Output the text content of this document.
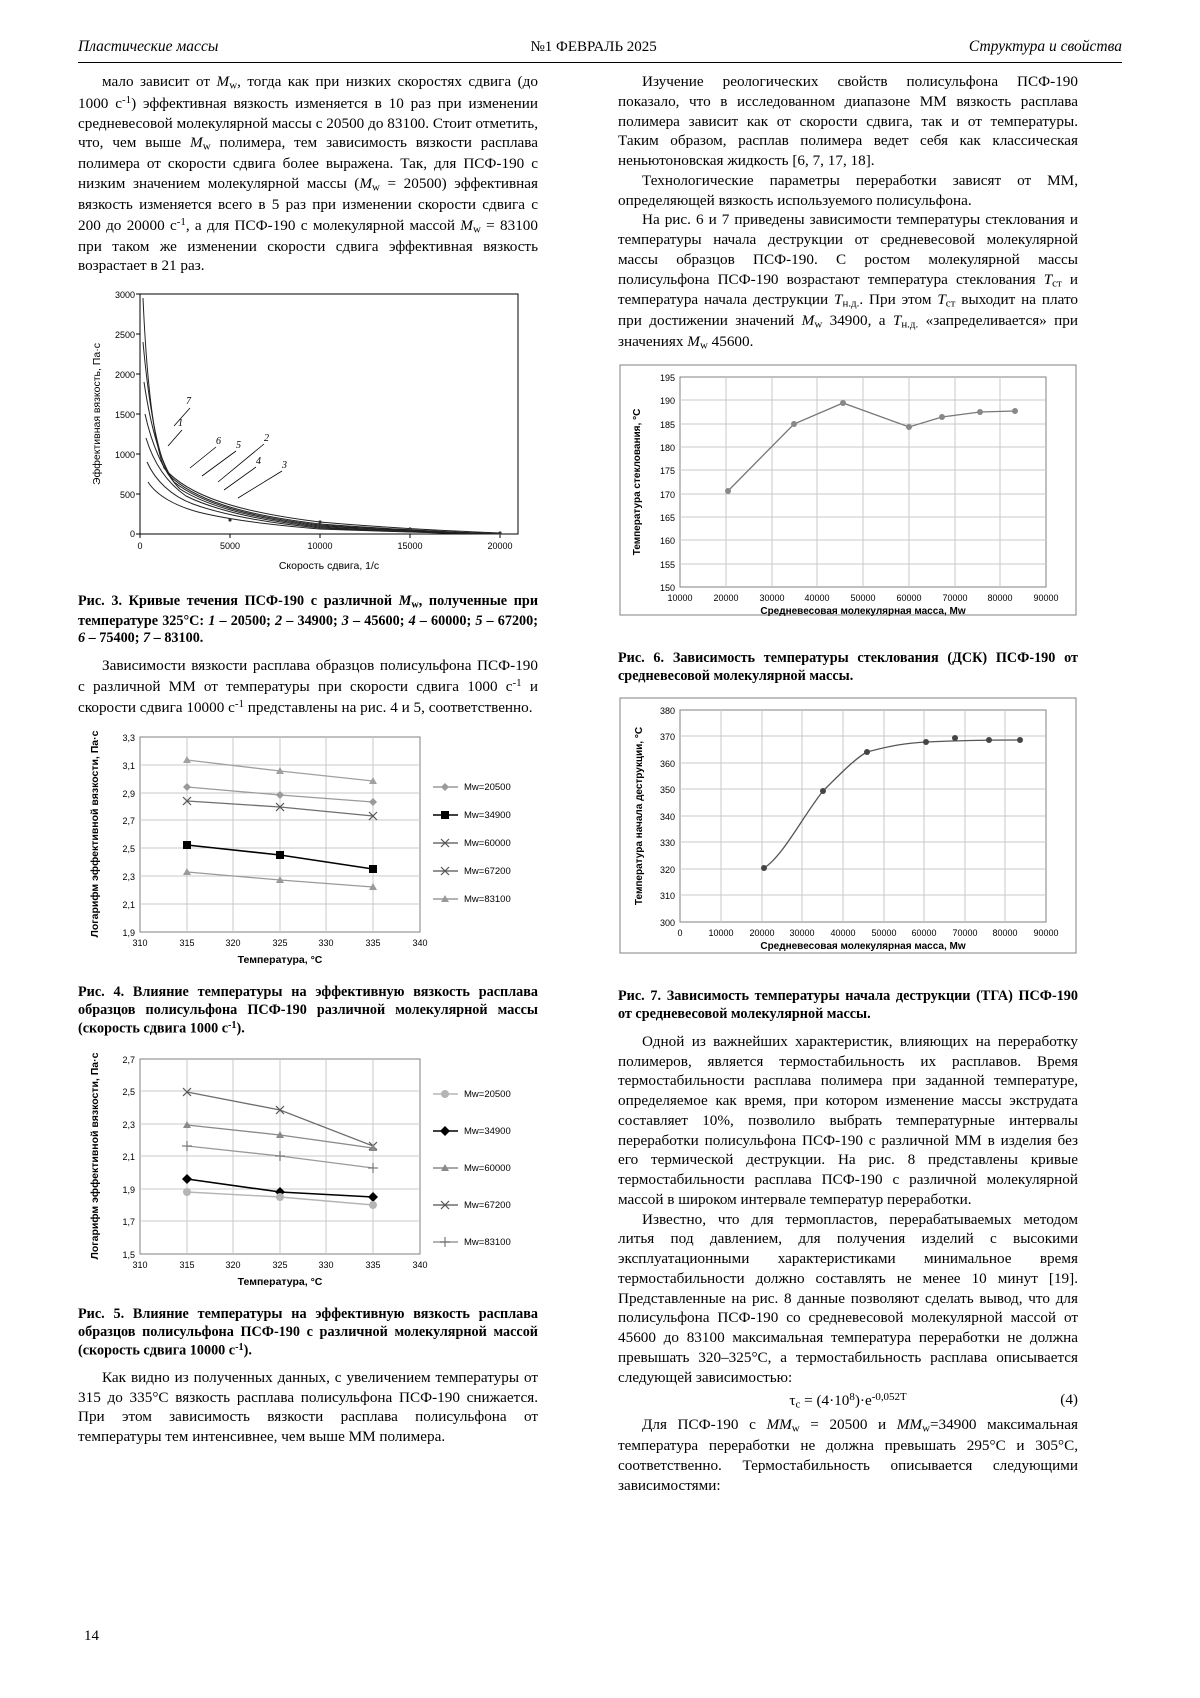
Пластические массы	№1 ФЕВРАЛЬ 2025	Структура и свойства

мало зависит от $M_w$, тогда как при низких скоростях сдвига (до 1000 $с^{-1}$) эффективная вязкость изменяется в 10 раз при изменении средневесовой молекулярной массы с 20500 до 83100. Стоит отметить, что, чем выше $M_w$ полимера, тем зависимость вязкости расплава полимера от скорости сдвига более выражена. Так, для ПСФ-190 с низким значением молекулярной массы $(M_w = 20500)$ эффективная вязкость изменяется всего в 5 раз при изменении скорости сдвига с 200 до 20000 $с^{-1}$, а для ПСФ-190 с молекулярной массой $M_w = 83100$ при таком же изменении скорости сдвига эффективная вязкость возрастает в 21 раз.

3000
2500
2000
1500
1000
500
0
0	5000	10000	15000	20000
Скорость сдвига, 1/с
Эффективная вязкость, Па·с	7
1
6 5
2
4 3
Рис. 3. Кривые течения ПСФ-190 с различной $M_w$, полученные при температуре 325°C: 1 – 20500; 2 – 34900; 3 – 45600; 4 – 60000; 5 – 67200; 6 – 75400; 7 – 83100.

Зависимости вязкости расплава образцов полисульфона ПСФ-190 с различной ММ от температуры при скорости сдвига 1000 $с^{-1}$ и скорости сдвига 10000 $с^{-1}$ представлены на рис. 4 и 5, соответственно.

3,3
3,1
2,9
2,7
2,5
2,3
2,1
1,9
310	315	320	325	330	335	340
Температура, °C
Логарифм эффективной вязкости, Па·с	Mw=20500
Mw=34900
Mw=60000
Mw=67200
Mw=83100
Рис. 4. Влияние температуры на эффективную вязкость расплава образцов полисульфона ПСФ-190 различной молекулярной массы (скорость сдвига 1000 $с^{-1}$).
2,7
2,5
2,3
2,1
1,9
1,7
1,5
310	315	320	325	330	335	340
Температура, °C
Логарифм эффективной вязкости, Па·с	Mw=20500
Mw=34900
Mw=60000
Mw=67200
Mw=83100
Рис. 5. Влияние температуры на эффективную вязкость расплава образцов полисульфона ПСФ-190 с различной молекулярной массой (скорость сдвига 10000 $с^{-1}$).

Как видно из полученных данных, с увеличением температуры от 315 до 335°C вязкость расплава полисульфона ПСФ-190 снижается. При этом зависимость вязкости расплава полисульфона от температуры тем интенсивнее, чем выше ММ полимера.

Изучение реологических свойств полисульфона ПСФ-190 показало, что в исследованном диапазоне ММ вязкость расплава полимера зависит как от скорости сдвига, так и от температуры. Таким образом, расплав полимера ведет себя как классическая неньютоновская жидкость [6, 7, 17, 18].

Технологические параметры переработки зависят от ММ, определяющей вязкость используемого полисульфона.

На рис. 6 и 7 приведены зависимости температуры стеклования и температуры начала деструкции от среднeвесовой молекулярной массы образцов ПСФ-190. С ростом молекулярной массы полисульфона ПСФ-190 возрастают температура стеклования $T_{ст}$ и температура начала деструкции $T_{н.д.}$. При этом $T_{ст}$ выходит на плато при достижении значений $M_w$ 34900, а $T_{н.д.}$ «запределивается» при значениях $M_w$ 45600.

195
190
185
180
175
170
165
160
155
150
10000 20000 30000 40000 50000 60000 70000 80000 90000
Среднeвесовая молекулярная масса, Mw
Температура стеклования, °C
Рис. 6. Зависимость температуры стеклования (ДСК) ПСФ-190 от средневесовой молекулярной массы.
380
370
360
350
340
330
320
310
300
0	10000 20000 30000 40000 50000 60000 70000 80000 90000
Среднeвесовая молекулярная масса, Mw
Температура начала деструкции, °C
Рис. 7. Зависимость температуры начала деструкции (ТГА) ПСФ-190 от средневесовой молекулярной массы.

Одной из важнейших характеристик, влияющих на переработку полимеров, является термостабильность их расплавов. Время термостабильности расплава полимера при заданной температуре, определяемое как время, при котором изменение массы экструдата составляет 10%, позволило выбрать температурные интервалы переработки полисульфона ПСФ-190 с различной ММ в изделия без его термической деструкции. На рис. 8 представлены кривые термостабильности расплава ПСФ-190 с различной молекулярной массой в широком интервале температур переработки.

Известно, что для термопластов, перерабатываемых методом литья под давлением, для получения изделий с высокими эксплуатационными характеристиками минимальное время термостабильности должно составлять не менее 10 минут [19]. Представленные на рис. 8 данные позволяют сделать вывод, что для полисульфона ПСФ-190 со средневесовой молекулярной массой от 45600 до 83100 максимальная температура переработки не должна превышать 320–325°C, а термостабильность расплава описывается следующей зависимостью:

$\tau_с = (4\cdot 10^8)\cdot е^{-0,052T}$	(4)

Для ПСФ-190 с $ММ_w = 20500$ и $ММ_w=34900$ максимальная температура переработки не должна превышать 295°C и 305°C, соответственно. Термостабильность описывается следующими зависимостями:

14
